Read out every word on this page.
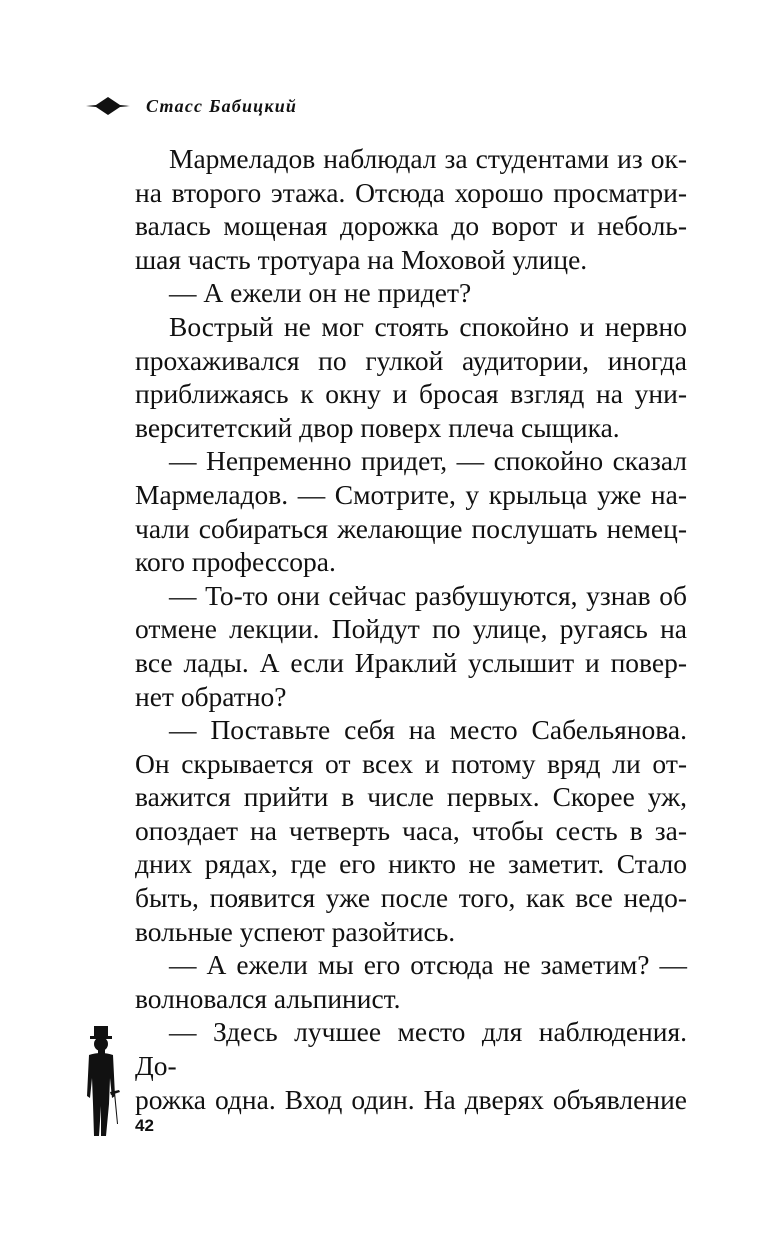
Стасс Бабицкий

Мармеладов наблюдал за студентами из ок-

на второго этажа. Отсюда хорошо просматри-

валась мощеная дорожка до ворот и неболь-

шая часть тротуара на Моховой улице.

— А ежели он не придет?

Вострый не мог стоять спокойно и нервно

прохаживался по гулкой аудитории, иногда

приближаясь к окну и бросая взгляд на уни-

верситетский двор поверх плеча сыщика.

— Непременно придет, — спокойно сказал

Мармеладов. — Смотрите, у крыльца уже на-

чали собираться желающие послушать немец-

кого профессора.

— То-то они сейчас разбушуются, узнав об

отмене лекции. Пойдут по улице, ругаясь на

все лады. А если Ираклий услышит и повер-

нет обратно?

— Поставьте себя на место Сабельянова.

Он скрывается от всех и потому вряд ли от-

важится прийти в числе первых. Скорее уж,

опоздает на четверть часа, чтобы сесть в за-

дних рядах, где его никто не заметит. Стало

быть, появится уже после того, как все недо-

вольные успеют разойтись.

— А ежели мы его отсюда не заметим? —

волновался альпинист.

— Здесь лучшее место для наблюдения. До-

рожка одна. Вход один. На дверях объявление

42
